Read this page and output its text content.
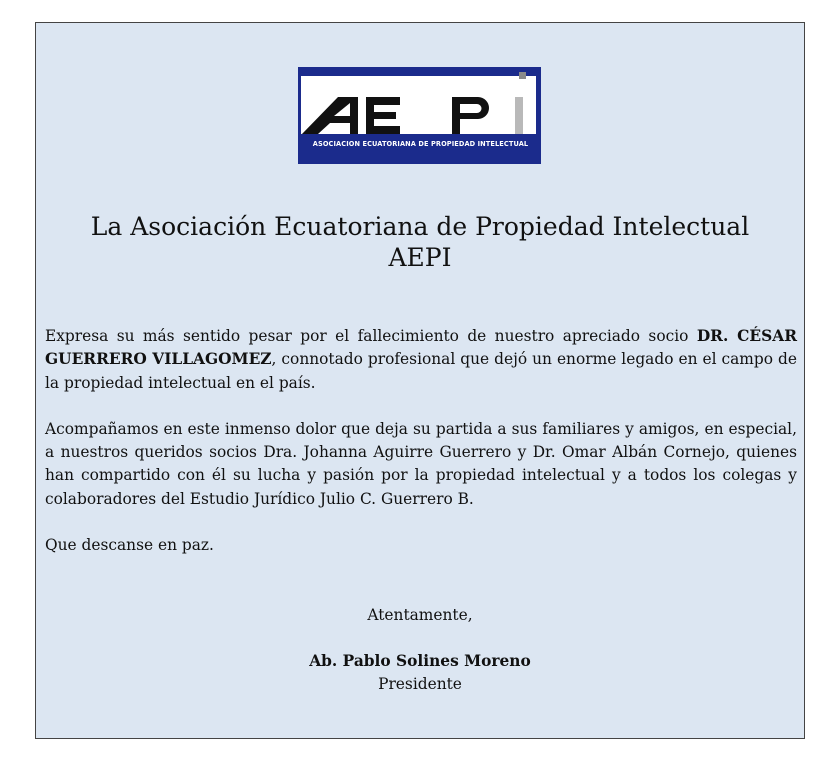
ASOCIACION ECUATORIANA DE PROPIEDAD INTELECTUAL
La Asociación Ecuatoriana de Propiedad Intelectual
AEPI

Expresa su más sentido pesar por el fallecimiento de nuestro apreciado socio DR. CÉSAR GUERRERO VILLAGOMEZ, connotado profesional que dejó un enorme legado en el campo de la propiedad intelectual en el país.

Acompañamos en este inmenso dolor que deja su partida a sus familiares y amigos, en especial, a nuestros queridos socios Dra. Johanna Aguirre Guerrero y Dr. Omar Albán Cornejo, quienes han compartido con él su lucha y pasión por la propiedad intelectual y a todos los colegas y colaboradores del Estudio Jurídico Julio C. Guerrero B.

Que descanse en paz.

Atentamente,
Ab. Pablo Solines Moreno
Presidente
